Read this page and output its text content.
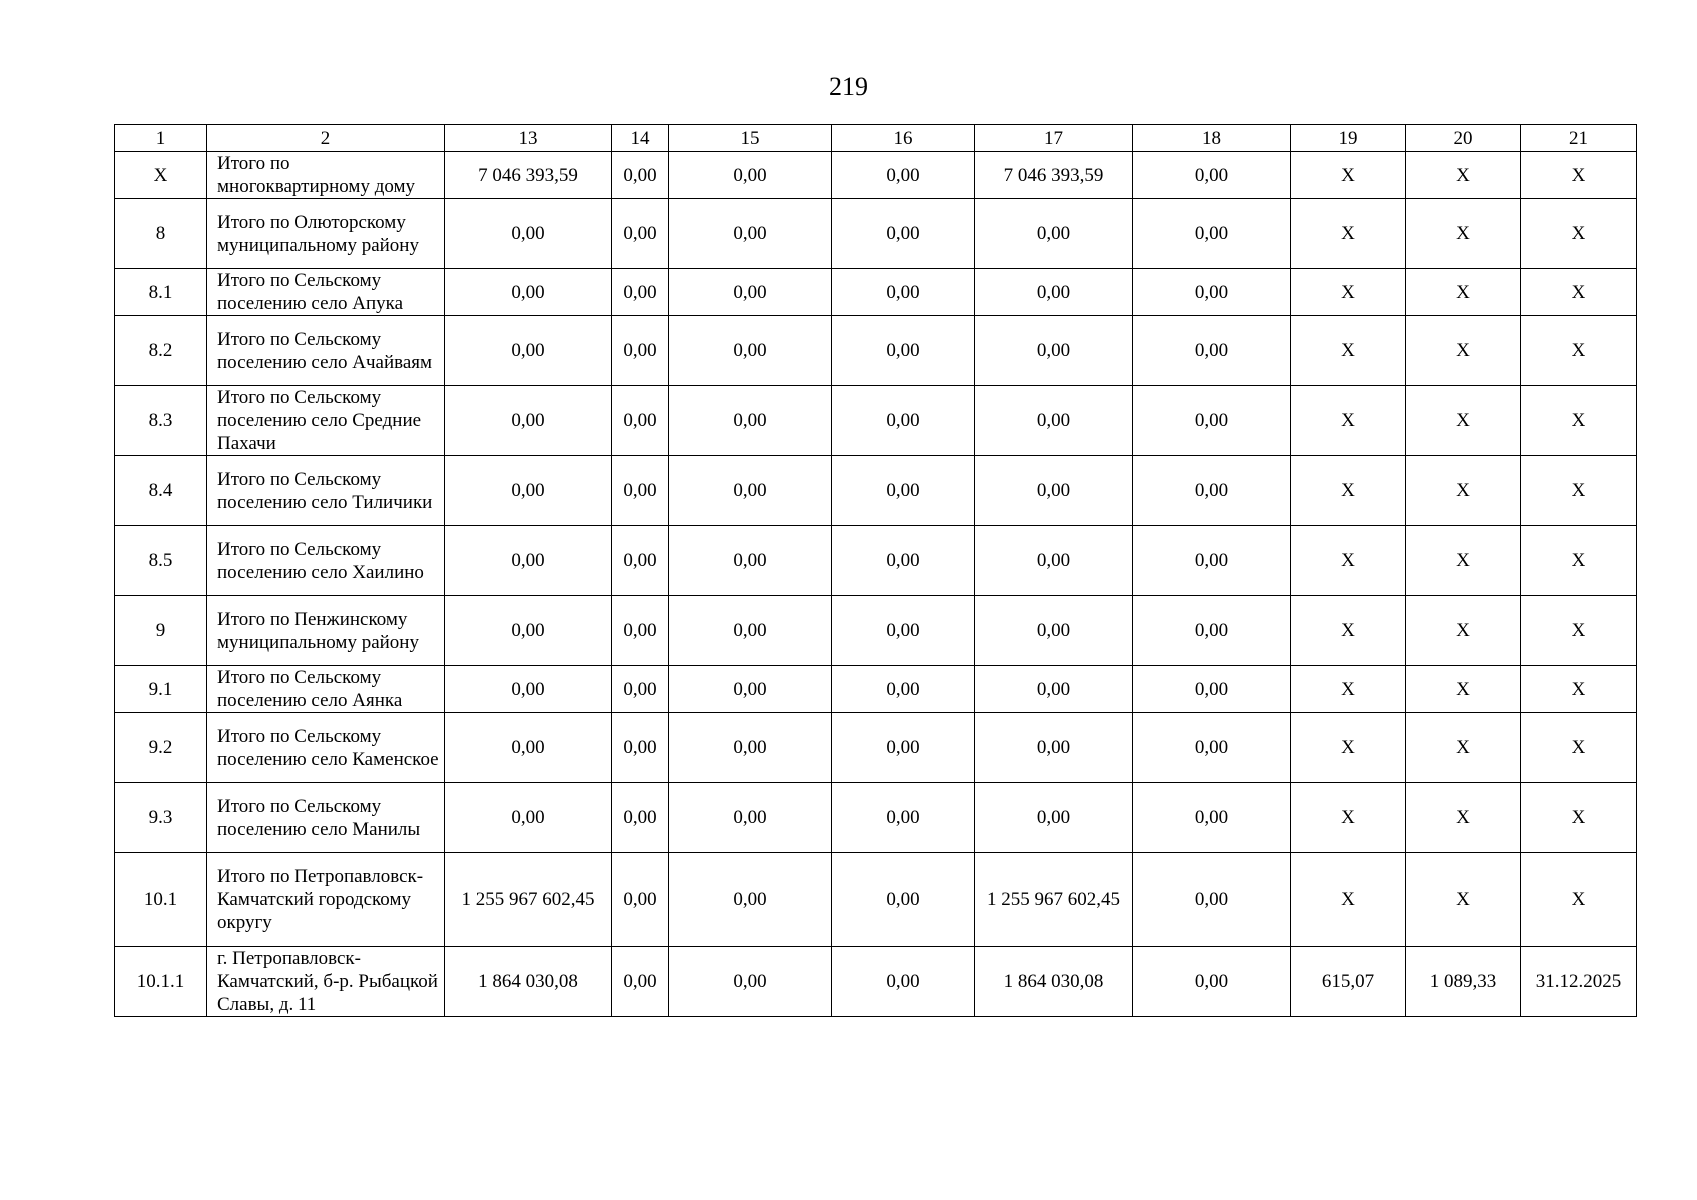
219
1	2	13	14	15	16	17	18	19	20	21
X	Итого по многоквартирному дому	7 046 393,59	0,00	0,00	0,00	7 046 393,59	0,00	X	X	X
8	Итого по Олюторскому муниципальному району	0,00	0,00	0,00	0,00	0,00	0,00	X	X	X
8.1	Итого по Сельскому поселению село Апука	0,00	0,00	0,00	0,00	0,00	0,00	X	X	X
8.2	Итого по Сельскому поселению село Ачайваям	0,00	0,00	0,00	0,00	0,00	0,00	X	X	X
8.3	Итого по Сельскому поселению село Средние Пахачи	0,00	0,00	0,00	0,00	0,00	0,00	X	X	X
8.4	Итого по Сельскому поселению село Тиличики	0,00	0,00	0,00	0,00	0,00	0,00	X	X	X
8.5	Итого по Сельскому поселению село Хаилино	0,00	0,00	0,00	0,00	0,00	0,00	X	X	X
9	Итого по Пенжинскому муниципальному району	0,00	0,00	0,00	0,00	0,00	0,00	X	X	X
9.1	Итого по Сельскому поселению село Аянка	0,00	0,00	0,00	0,00	0,00	0,00	X	X	X
9.2	Итого по Сельскому поселению село Каменское	0,00	0,00	0,00	0,00	0,00	0,00	X	X	X
9.3	Итого по Сельскому поселению село Манилы	0,00	0,00	0,00	0,00	0,00	0,00	X	X	X
10.1	Итого по Петропавловск-Камчатский городскому округу	1 255 967 602,45	0,00	0,00	0,00	1 255 967 602,45	0,00	X	X	X
10.1.1	г. Петропавловск-Камчатский, б-р. Рыбацкой Славы, д. 11	1 864 030,08	0,00	0,00	0,00	1 864 030,08	0,00	615,07	1 089,33	31.12.2025
